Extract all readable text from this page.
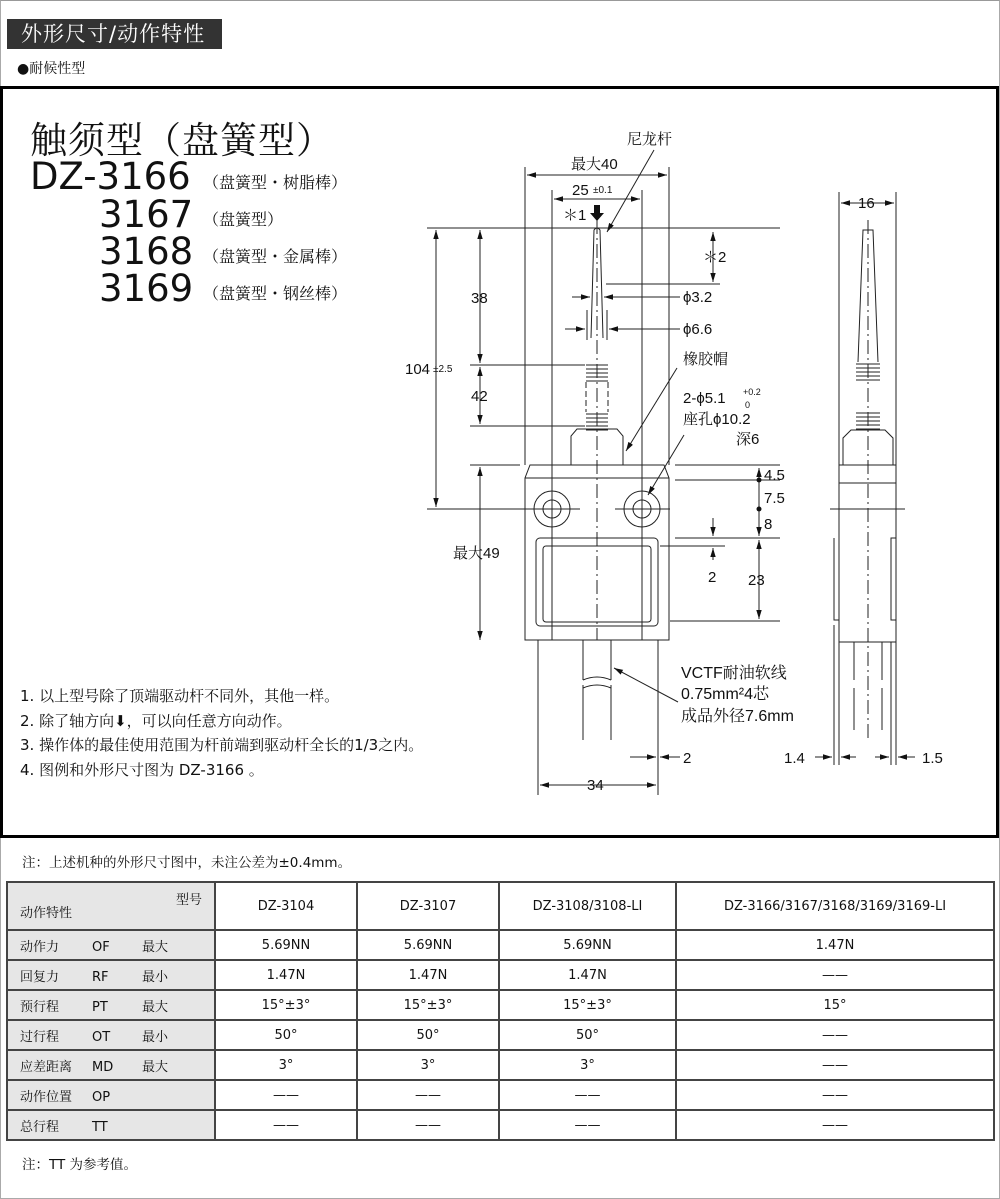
外形尺寸/动作特性
●耐候性型
触须型（盘簧型）
DZ-3166 （盘簧型・树脂棒）
3167 （盘簧型）
3168 （盘簧型・金属棒）
3169 （盘簧型・钢丝棒）
尼龙杆
最大40
25 ±0.1
＊1
＊2
ϕ3.2
ϕ6.6
橡胶帽
2-ϕ5.1 +0.2
0
座孔ϕ10.2
深6
38
42
104 ±2.5
最大49
4.5
7.5
8
2 23
VCTF耐油软线
0.75mm²4芯
成品外径7.6mm
2
34
16
1.4	1.5
1. 以上型号除了顶端驱动杆不同外，其他一样。
2. 除了轴方向⬇，可以向任意方向动作。
3. 操作体的最佳使用范围为杆前端到驱动杆全长的1/3之内。
4. 图例和外形尺寸图为 DZ-3166 。
注：上述机种的外形尺寸图中，未注公差为±0.4mm。
型号
动作特性	DZ-3104	DZ-3107	DZ-3108/3108-LI	DZ-3166/3167/3168/3169/3169-LI
动作力 OF 最大	5.69NN	5.69NN	5.69NN	1.47N
回复力 RF 最小	1.47N	1.47N	1.47N	——
预行程 PT 最大	15°±3°	15°±3°	15°±3°	15°
过行程 OT 最小	50°	50°	50°	——
应差距离 MD 最大	3°	3°	3°	——
动作位置 OP	——	——	——	——
总行程 TT	——	——	——	——
注：TT 为参考值。
